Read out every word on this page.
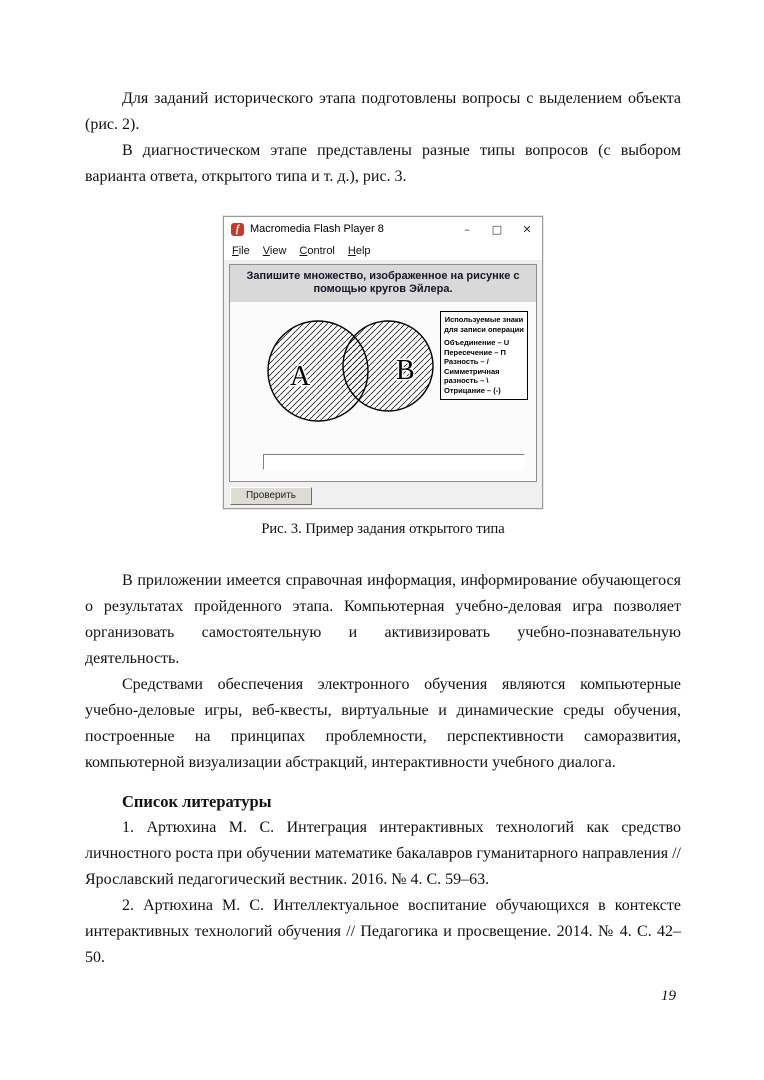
Для заданий исторического этапа подготовлены вопросы с выделением объекта (рис. 2).

В диагностическом этапе представлены разные типы вопросов (с выбором варианта ответа, открытого типа и т. д.), рис. 3.

f Macromedia Flash Player 8	–	□	✕
File View Control Help
Запишите множество, изображенное на рисунке с помощью кругов Эйлера.
A	B
Используемые знаки для записи операции
Объединение – U
Пересечение – П
Разность – /
Симметричная разность – \
Отрицание – (-)
Проверить
Рис. 3. Пример задания открытого типа

В приложении имеется справочная информация, информирование обучающегося о результатах пройденного этапа. Компьютерная учебно-деловая игра позволяет организовать самостоятельную и активизировать учебно-познавательную деятельность.

Средствами обеспечения электронного обучения являются компьютерные учебно-деловые игры, веб-квесты, виртуальные и динамические среды обучения, построенные на принципах проблемности, перспективности саморазвития, компьютерной визуализации абстракций, интерактивности учебного диалога.

Список литературы

1. Артюхина М. С. Интеграция интерактивных технологий как средство личностного роста при обучении математике бакалавров гуманитарного направления // Ярославский педагогический вестник. 2016. № 4. С. 59–63.

2. Артюхина М. С. Интеллектуальное воспитание обучающихся в контексте интерактивных технологий обучения // Педагогика и просвещение. 2014. № 4. С. 42–50.

19
